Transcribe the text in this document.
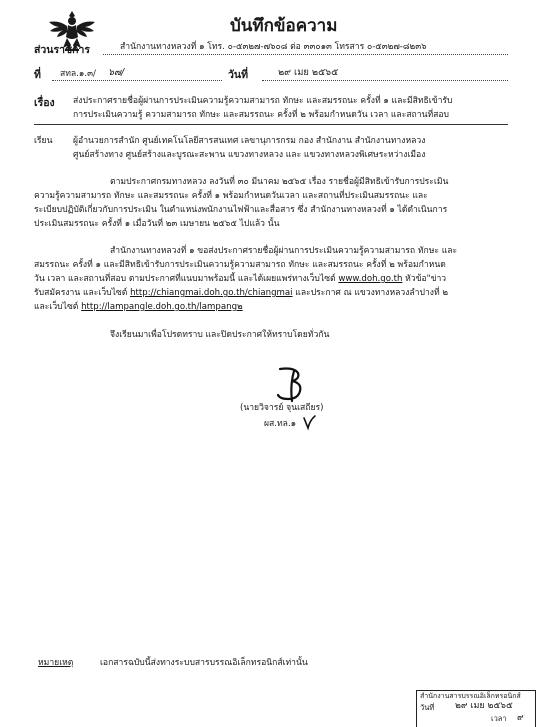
บันทึกข้อความ
ส่วนราชการ	สำนักงานทางหลวงที่ ๑ โทร. ๐-๕๓๒๗-๗๖๐๘ ต่อ ๓๓๐๑๓ โทรสาร ๐-๕๓๒๗-๘๒๓๖
ที่ สทล.๑.๓/ ๖๗/	วันที่	๒๙ เมย ๒๕๖๕
เรื่อง ส่งประกาศรายชื่อผู้ผ่านการประเมินความรู้ความสามารถ ทักษะ และสมรรถนะ ครั้งที่ ๑ และมีสิทธิเข้ารับ
การประเมินความรู้ ความสามารถ ทักษะ และสมรรถนะ ครั้งที่ ๒ พร้อมกำหนดวัน เวลา และสถานที่สอบ
เรียน ผู้อำนวยการสำนัก ศูนย์เทคโนโลยีสารสนเทศ เลขานุการกรม กอง สำนักงาน สำนักงานทางหลวง
ศูนย์สร้างทาง ศูนย์สร้างและบูรณะสะพาน แขวงทางหลวง และ แขวงทางหลวงพิเศษระหว่างเมือง
ตามประกาศกรมทางหลวง ลงวันที่ ๓๐ มีนาคม ๒๕๖๕ เรื่อง รายชื่อผู้มีสิทธิเข้ารับการประเมิน
ความรู้ความสามารถ ทักษะ และสมรรถนะ ครั้งที่ ๑ พร้อมกำหนดวันเวลา และสถานที่ประเมินสมรรถนะ และ
ระเบียบปฏิบัติเกี่ยวกับการประเมิน ในตำแหน่งพนักงานไฟฟ้าและสื่อสาร ซึ่ง สำนักงานทางหลวงที่ ๑ ได้ดำเนินการ
ประเมินสมรรถนะ ครั้งที่ ๑ เมื่อวันที่ ๒๓ เมษายน ๒๕๖๕ ไปแล้ว นั้น
สำนักงานทางหลวงที่ ๑ ขอส่งประกาศรายชื่อผู้ผ่านการประเมินความรู้ความสามารถ ทักษะ และ
สมรรถนะ ครั้งที่ ๑ และมีสิทธิเข้ารับการประเมินความรู้ความสามารถ ทักษะ และสมรรถนะ ครั้งที่ ๒ พร้อมกำหนด
วัน เวลา และสถานที่สอบ ตามประกาศที่แนบมาพร้อมนี้ และได้เผยแพร่ทางเว็บไซต์ www.doh.go.th หัวข้อ"ข่าว
รับสมัครงาน และเว็บไซต์ http://chiangmai.doh.go.th/chiangmai และประกาศ ณ แขวงทางหลวงลำปางที่ ๒
และเว็บไซต์ http://lampangle.doh.go.th/lampang๒
จึงเรียนมาเพื่อโปรดทราบ และปิดประกาศให้ทราบโดยทั่วกัน
(นายวิจารย์ จุนเสถียร)
ผส.ทล.๑
หมายเหตุ	เอกสารฉบับนี้ส่งทางระบบสารบรรณอิเล็กทรอนิกส์เท่านั้น
สำนักงานสารบรรณอิเล็กทรอนิกส์
วันที่ ๒๙ เมย ๒๕๖๕
เวลา ๙
